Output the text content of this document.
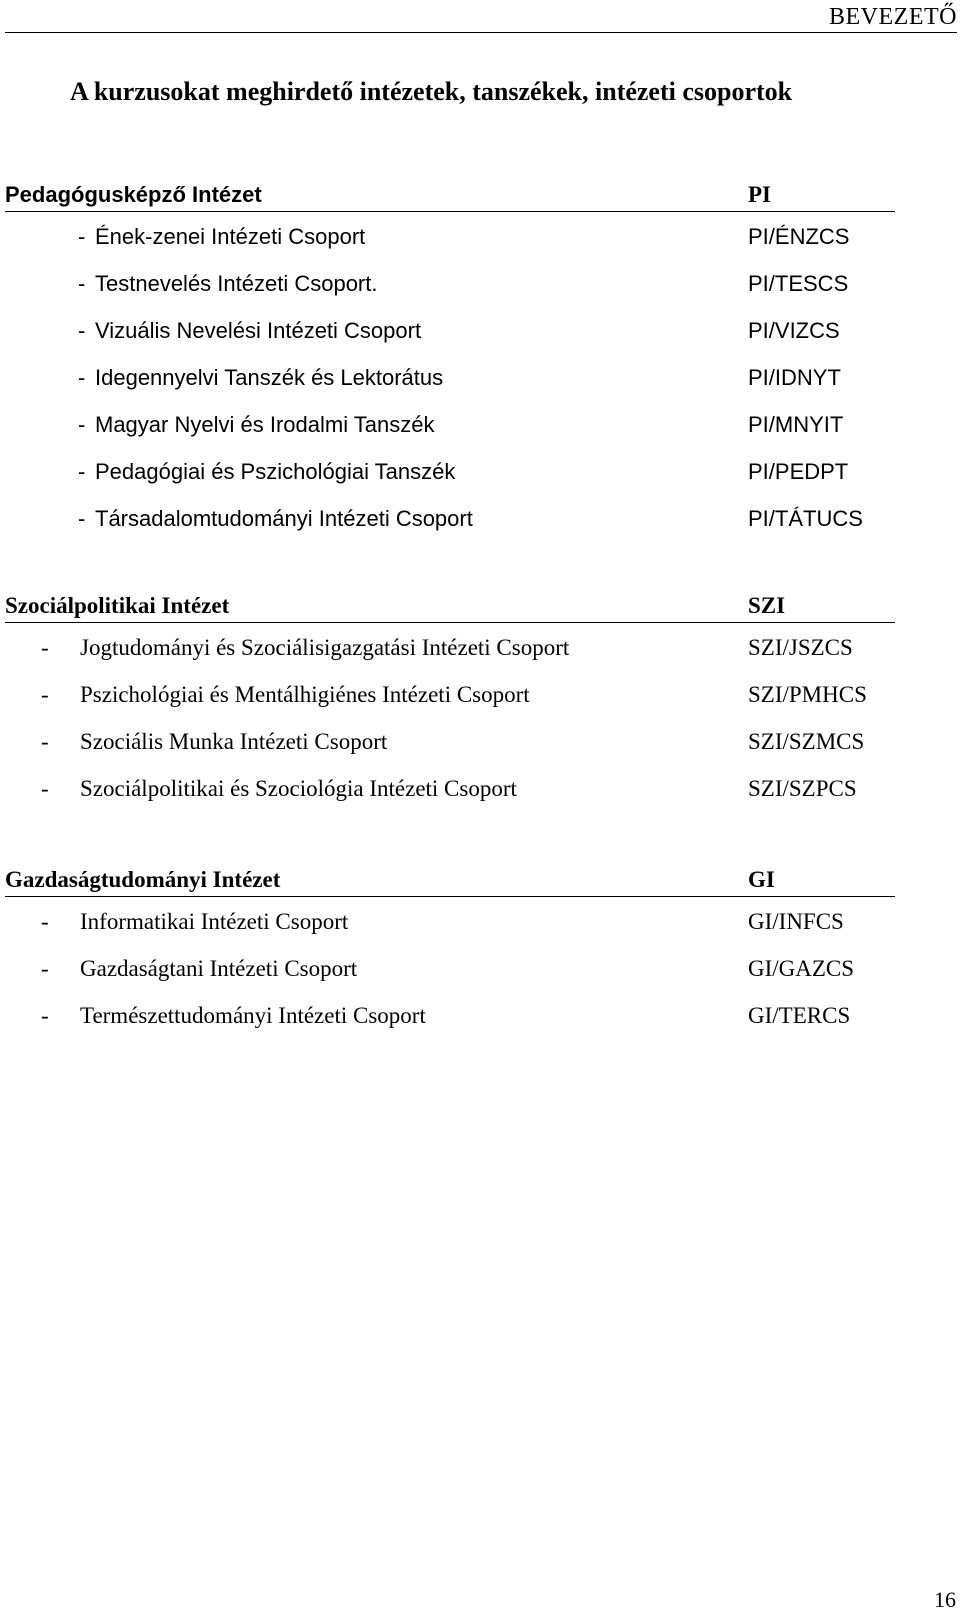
BEVEZETŐ
A kurzusokat meghirdető intézetek, tanszékek, intézeti csoportok
Pedagógusképző Intézet	PI
- Ének-zenei Intézeti Csoport	PI/ÉNZCS
- Testnevelés Intézeti Csoport.	PI/TESCS
- Vizuális Nevelési Intézeti Csoport	PI/VIZCS
- Idegennyelvi Tanszék és Lektorátus	PI/IDNYT
- Magyar Nyelvi és Irodalmi Tanszék	PI/MNYIT
- Pedagógiai és Pszichológiai Tanszék	PI/PEDPT
- Társadalomtudományi Intézeti Csoport	PI/TÁTUCS
Szociálpolitikai Intézet	SZI
- Jogtudományi és Szociálisigazgatási Intézeti Csoport	SZI/JSZCS
- Pszichológiai és Mentálhigiénes Intézeti Csoport	SZI/PMHCS
- Szociális Munka Intézeti Csoport	SZI/SZMCS
- Szociálpolitikai és Szociológia Intézeti Csoport	SZI/SZPCS
Gazdaságtudományi Intézet	GI
- Informatikai Intézeti Csoport	GI/INFCS
- Gazdaságtani Intézeti Csoport	GI/GAZCS
- Természettudományi Intézeti Csoport	GI/TERCS
16
